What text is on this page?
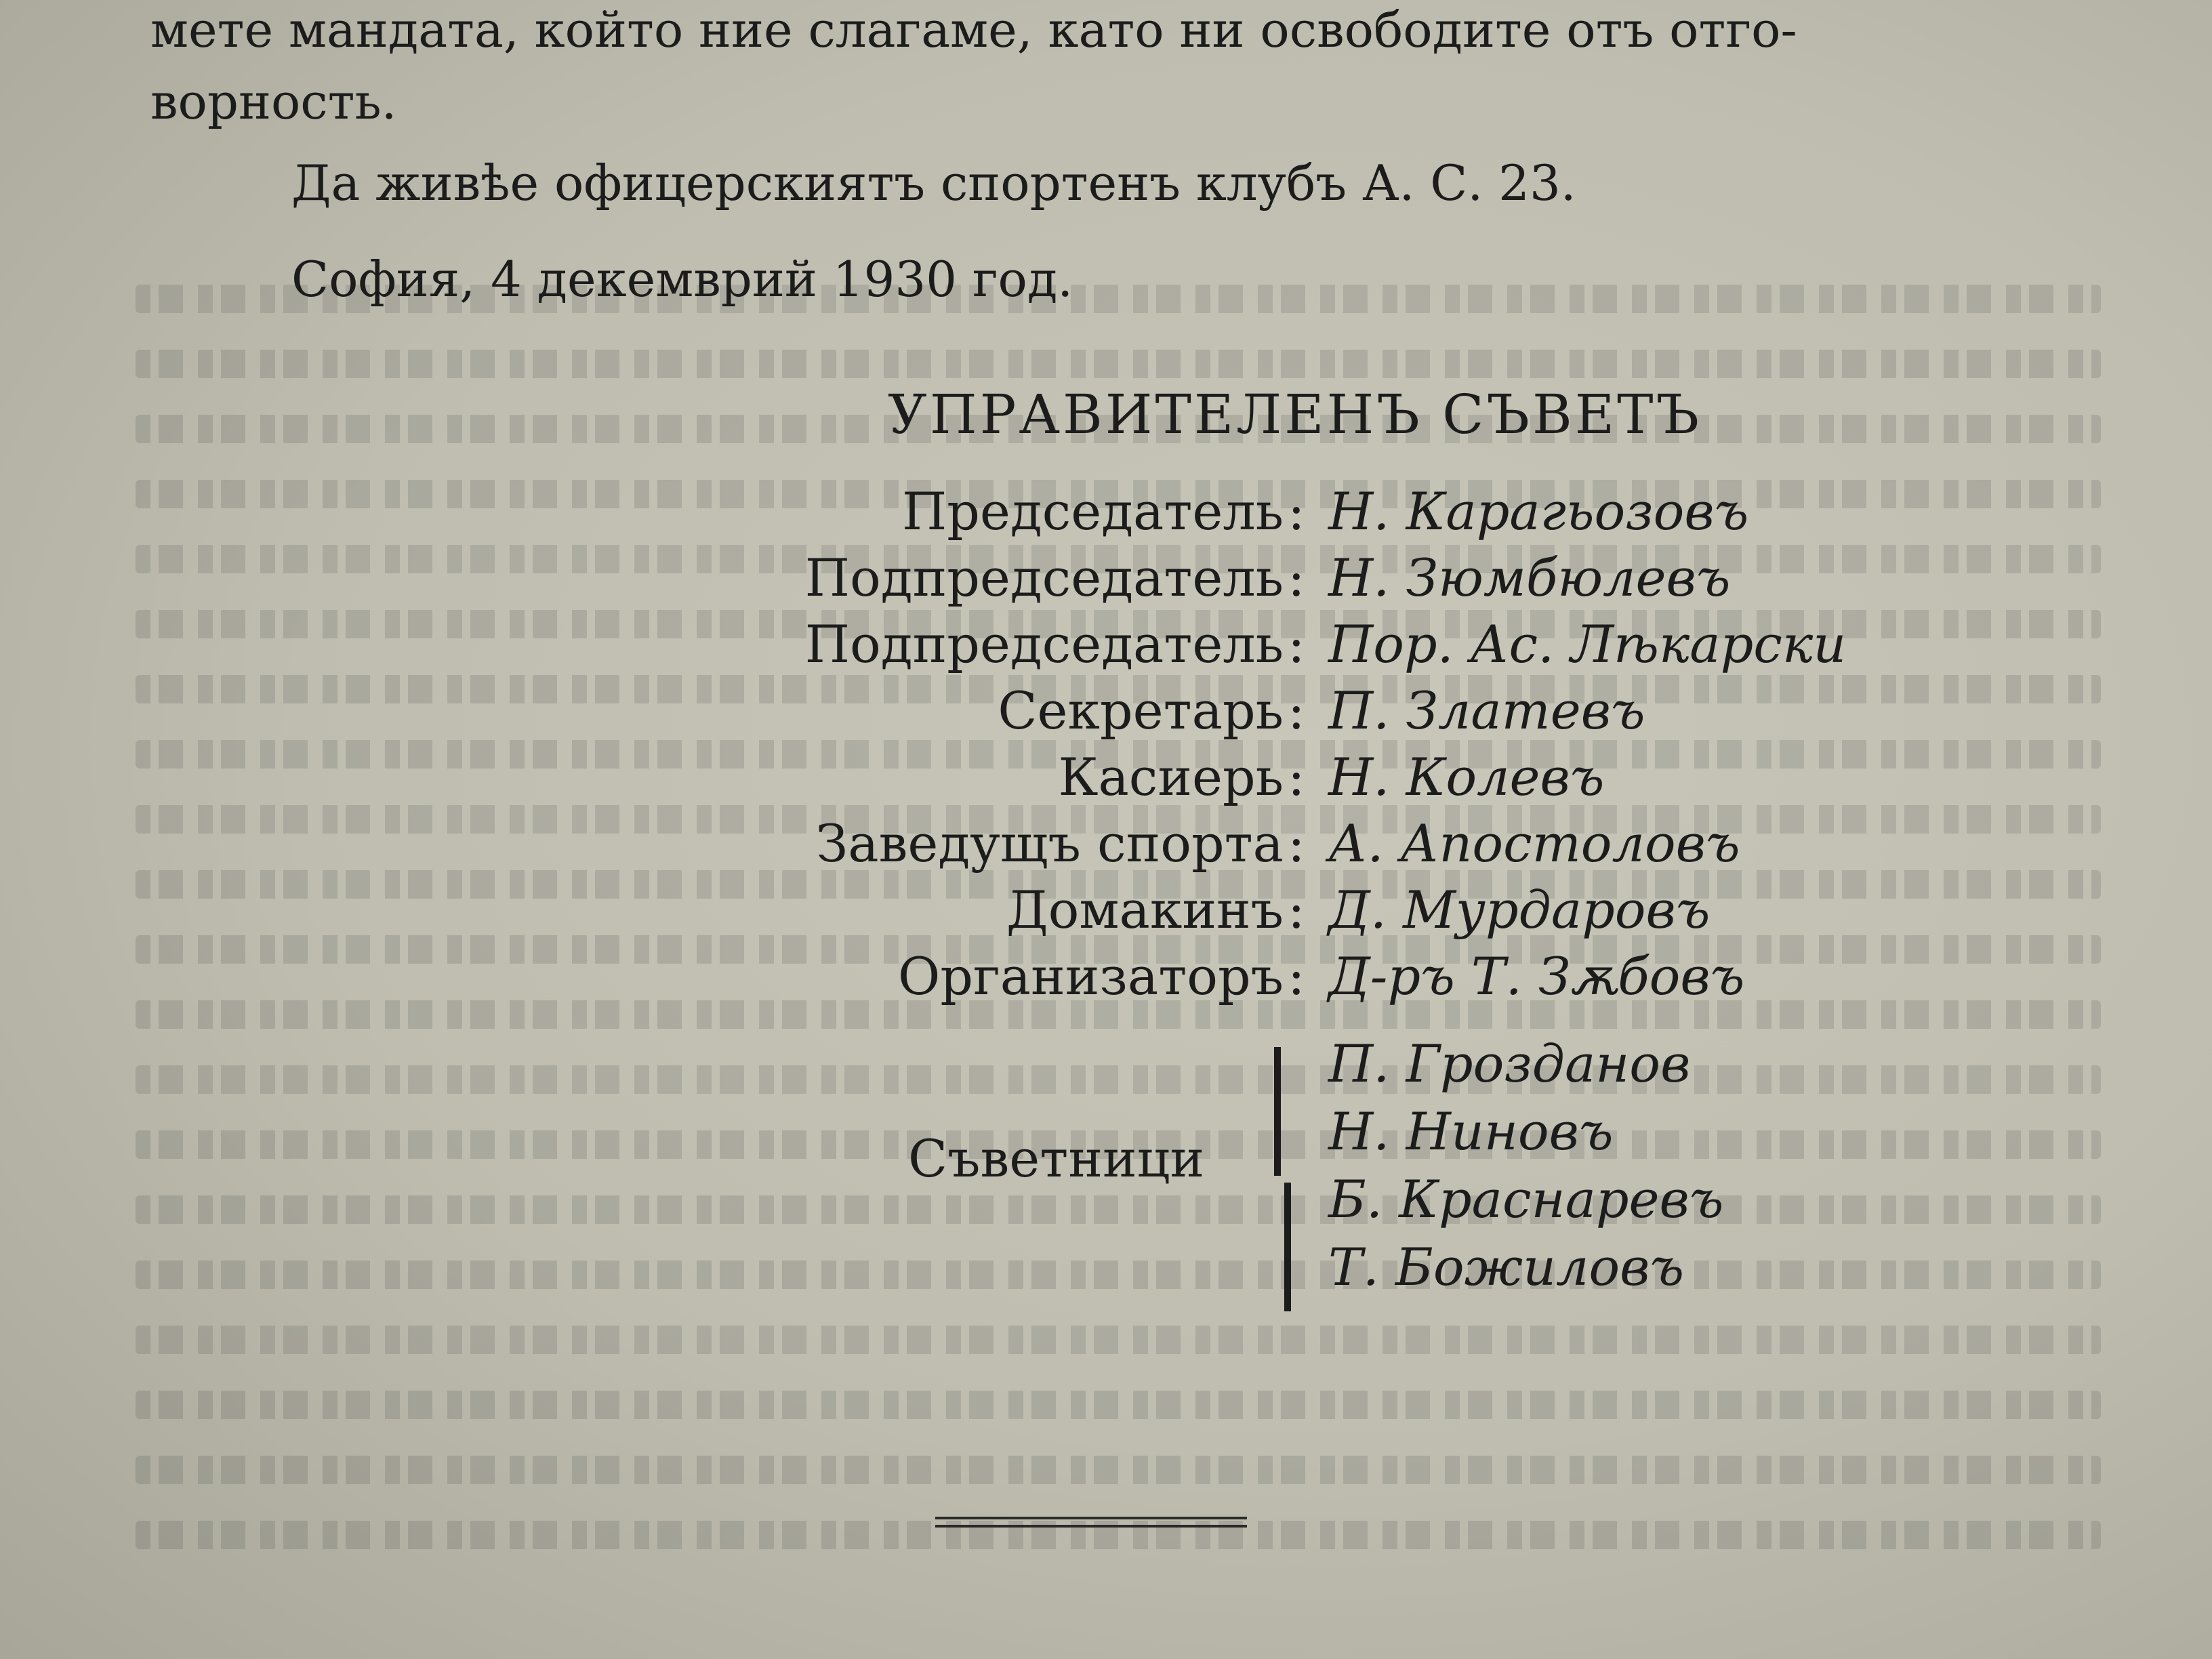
мете мандата, който ние слагаме, като ни освободите отъ отго-
ворность.
Да живѣе офицерскиятъ спортенъ клубъ А. С. 23.
София, 4 декемврий 1930 год.
УПРАВИТЕЛЕНЪ СЪВЕТЪ
Председатель : Н. Карагьозовъ
Подпредседатель : Н. Зюмбюлевъ
Подпредседатель : Пор. Ас. Лѣкарски
Секретарь : П. Златевъ
Касиерь : Н. Колевъ
Заведущъ спорта : А. Апостоловъ
Домакинъ : Д. Мурдаровъ
Организаторъ : Д-ръ Т. Зѫбовъ
Съветници
П. Грозданов
Н. Ниновъ
Б. Краснаревъ
Т. Божиловъ
